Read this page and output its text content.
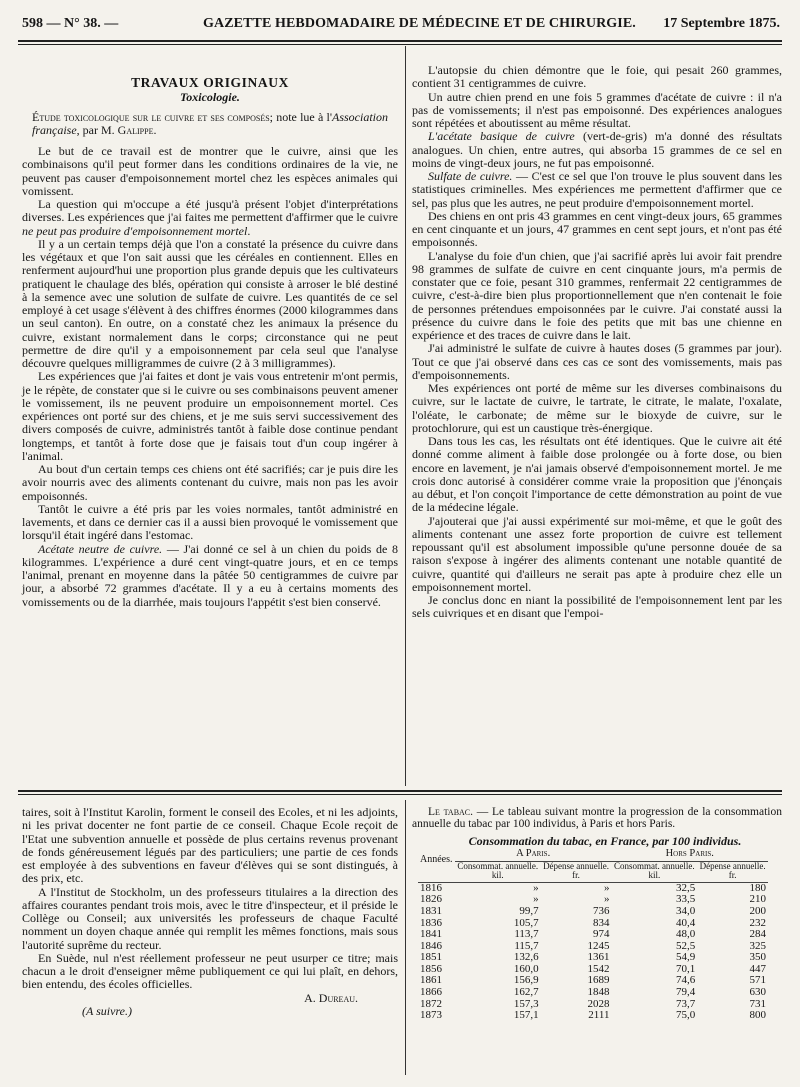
598 — N° 38. —	GAZETTE HEBDOMADAIRE DE MÉDECINE ET DE CHIRURGIE. 17 Septembre 1875.

TRAVAUX ORIGINAUX

Toxicologie.

Étude toxicologique sur le cuivre et ses composés; note lue à l'Association française, par M. Galippe.

Le but de ce travail est de montrer que le cuivre, ainsi que les combinaisons qu'il peut former dans les conditions ordinaires de la vie, ne peuvent pas causer d'empoisonnement mortel chez les espèces animales qui vomissent.

La question qui m'occupe a été jusqu'à présent l'objet d'interprétations diverses. Les expériences que j'ai faites me permettent d'affirmer que le cuivre ne peut pas produire d'empoisonnement mortel.

Il y a un certain temps déjà que l'on a constaté la présence du cuivre dans les végétaux et que l'on sait aussi que les céréales en contiennent. Elles en renferment aujourd'hui une proportion plus grande depuis que les cultivateurs pratiquent le chaulage des blés, opération qui consiste à arroser le blé destiné à la semence avec une solution de sulfate de cuivre. Les quantités de ce sel employé à cet usage s'élèvent à des chiffres énormes (2000 kilogrammes dans un seul canton). En outre, on a constaté chez les animaux la présence du cuivre, existant normalement dans le corps; circonstance qui ne peut permettre de dire qu'il y a empoisonnement par cela seul que l'analyse découvre quelques milligrammes de cuivre (2 à 3 milligrammes).

Les expériences que j'ai faites et dont je vais vous entretenir m'ont permis, je le répète, de constater que si le cuivre ou ses combinaisons peuvent amener le vomissement, ils ne peuvent produire un empoisonnement mortel. Ces expériences ont porté sur des chiens, et je me suis servi successivement des divers composés de cuivre, administrés tantôt à faible dose continue pendant longtemps, et tantôt à forte dose que je faisais tout d'un coup ingérer à l'animal.

Au bout d'un certain temps ces chiens ont été sacrifiés; car je puis dire les avoir nourris avec des aliments contenant du cuivre, mais non pas les avoir empoisonnés.

Tantôt le cuivre a été pris par les voies normales, tantôt administré en lavements, et dans ce dernier cas il a aussi bien provoqué le vomissement que lorsqu'il était ingéré dans l'estomac.

Acétate neutre de cuivre. — J'ai donné ce sel à un chien du poids de 8 kilogrammes. L'expérience a duré cent vingt-quatre jours, et en ce temps l'animal, prenant en moyenne dans la pâtée 50 centigrammes de cuivre par jour, a absorbé 72 grammes d'acétate. Il y a eu à certains moments des vomissements ou de la diarrhée, mais toujours l'appétit s'est bien conservé.

L'autopsie du chien démontre que le foie, qui pesait 260 grammes, contient 31 centigrammes de cuivre.

Un autre chien prend en une fois 5 grammes d'acétate de cuivre : il n'a pas de vomissements; il n'est pas empoisonné. Des expériences analogues sont répétées et aboutissent au même résultat.

L'acétate basique de cuivre (vert-de-gris) m'a donné des résultats analogues. Un chien, entre autres, qui absorba 15 grammes de ce sel en moins de vingt-deux jours, ne fut pas empoisonné.

Sulfate de cuivre. — C'est ce sel que l'on trouve le plus souvent dans les statistiques criminelles. Mes expériences me permettent d'affirmer que ce sel, pas plus que les autres, ne peut produire d'empoisonnement mortel.

Des chiens en ont pris 43 grammes en cent vingt-deux jours, 65 grammes en cent cinquante et un jours, 47 grammes en cent sept jours, et n'ont pas été empoisonnés.

L'analyse du foie d'un chien, que j'ai sacrifié après lui avoir fait prendre 98 grammes de sulfate de cuivre en cent cinquante jours, m'a permis de constater que ce foie, pesant 310 grammes, renfermait 22 centigrammes de cuivre, c'est-à-dire bien plus proportionnellement que n'en contenait le foie de personnes prétendues empoisonnées par le cuivre. J'ai constaté aussi la présence du cuivre dans le foie des petits que mit bas une chienne en expérience et des traces de cuivre dans le lait.

J'ai administré le sulfate de cuivre à hautes doses (5 grammes par jour). Tout ce que j'ai observé dans ces cas ce sont des vomissements, mais pas d'empoisonnements.

Mes expériences ont porté de même sur les diverses combinaisons du cuivre, sur le lactate de cuivre, le tartrate, le citrate, le malate, l'oxalate, l'oléate, le carbonate; de même sur le bioxyde de cuivre, sur le protochlorure, qui est un caustique très-énergique.

Dans tous les cas, les résultats ont été identiques. Que le cuivre ait été donné comme aliment à faible dose prolongée ou à forte dose, ou bien encore en lavement, je n'ai jamais observé d'empoisonnement mortel. Je me crois donc autorisé à considérer comme vraie la proposition que j'énonçais au début, et l'on conçoit l'importance de cette démonstration au point de vue de la médecine légale.

J'ajouterai que j'ai aussi expérimenté sur moi-même, et que le goût des aliments contenant une assez forte proportion de cuivre est tellement repoussant qu'il est absolument impossible qu'une personne douée de sa raison s'expose à ingérer des aliments contenant une notable quantité de cuivre, quantité qui d'ailleurs ne serait pas apte à produire chez elle un empoisonnement mortel.

Je conclus donc en niant la possibilité de l'empoisonnement lent par les sels cuivriques et en disant que l'empoi-

taires, soit à l'Institut Karolin, forment le conseil des Ecoles, et ni les adjoints, ni les privat docenter ne font partie de ce conseil. Chaque Ecole reçoit de l'Etat une subvention annuelle et possède de plus certains revenus provenant de fonds généreusement légués par des particuliers; une partie de ces fonds est employée à des subventions en faveur d'élèves qui se sont distingués, à des prix, etc.

A l'Institut de Stockholm, un des professeurs titulaires a la direction des affaires courantes pendant trois mois, avec le titre d'inspecteur, et il préside le Collège ou Conseil; aux universités les professeurs de chaque Faculté nomment un doyen chaque année qui remplit les mêmes fonctions, mais sous l'autorité suprême du recteur.

En Suède, nul n'est réellement professeur ne peut usurper ce titre; mais chacun a le droit d'enseigner même publiquement ce qui lui plaît, en dehors, bien entendu, des écoles officielles.

A. Dureau.

(A suivre.)

Le tabac. — Le tableau suivant montre la progression de la consommation annuelle du tabac par 100 individus, à Paris et hors Paris.

Consommation du tabac, en France, par 100 individus.

Années.	A Paris.		Hors Paris.	
	Consommat. annuelle.	Dépense annuelle.	Consommat. annuelle.	Dépense annuelle.
	kil.	fr.	kil.	fr.
1816	»	»	32,5	180
1826	»	»	33,5	210
1831	99,7	736	34,0	200
1836	105,7	834	40,4	232
1841	113,7	974	48,0	284
1846	115,7	1245	52,5	325
1851	132,6	1361	54,9	350
1856	160,0	1542	70,1	447
1861	156,9	1689	74,6	571
1866	162,7	1848	79,4	630
1872	157,3	2028	73,7	731
1873	157,1	2111	75,0	800
